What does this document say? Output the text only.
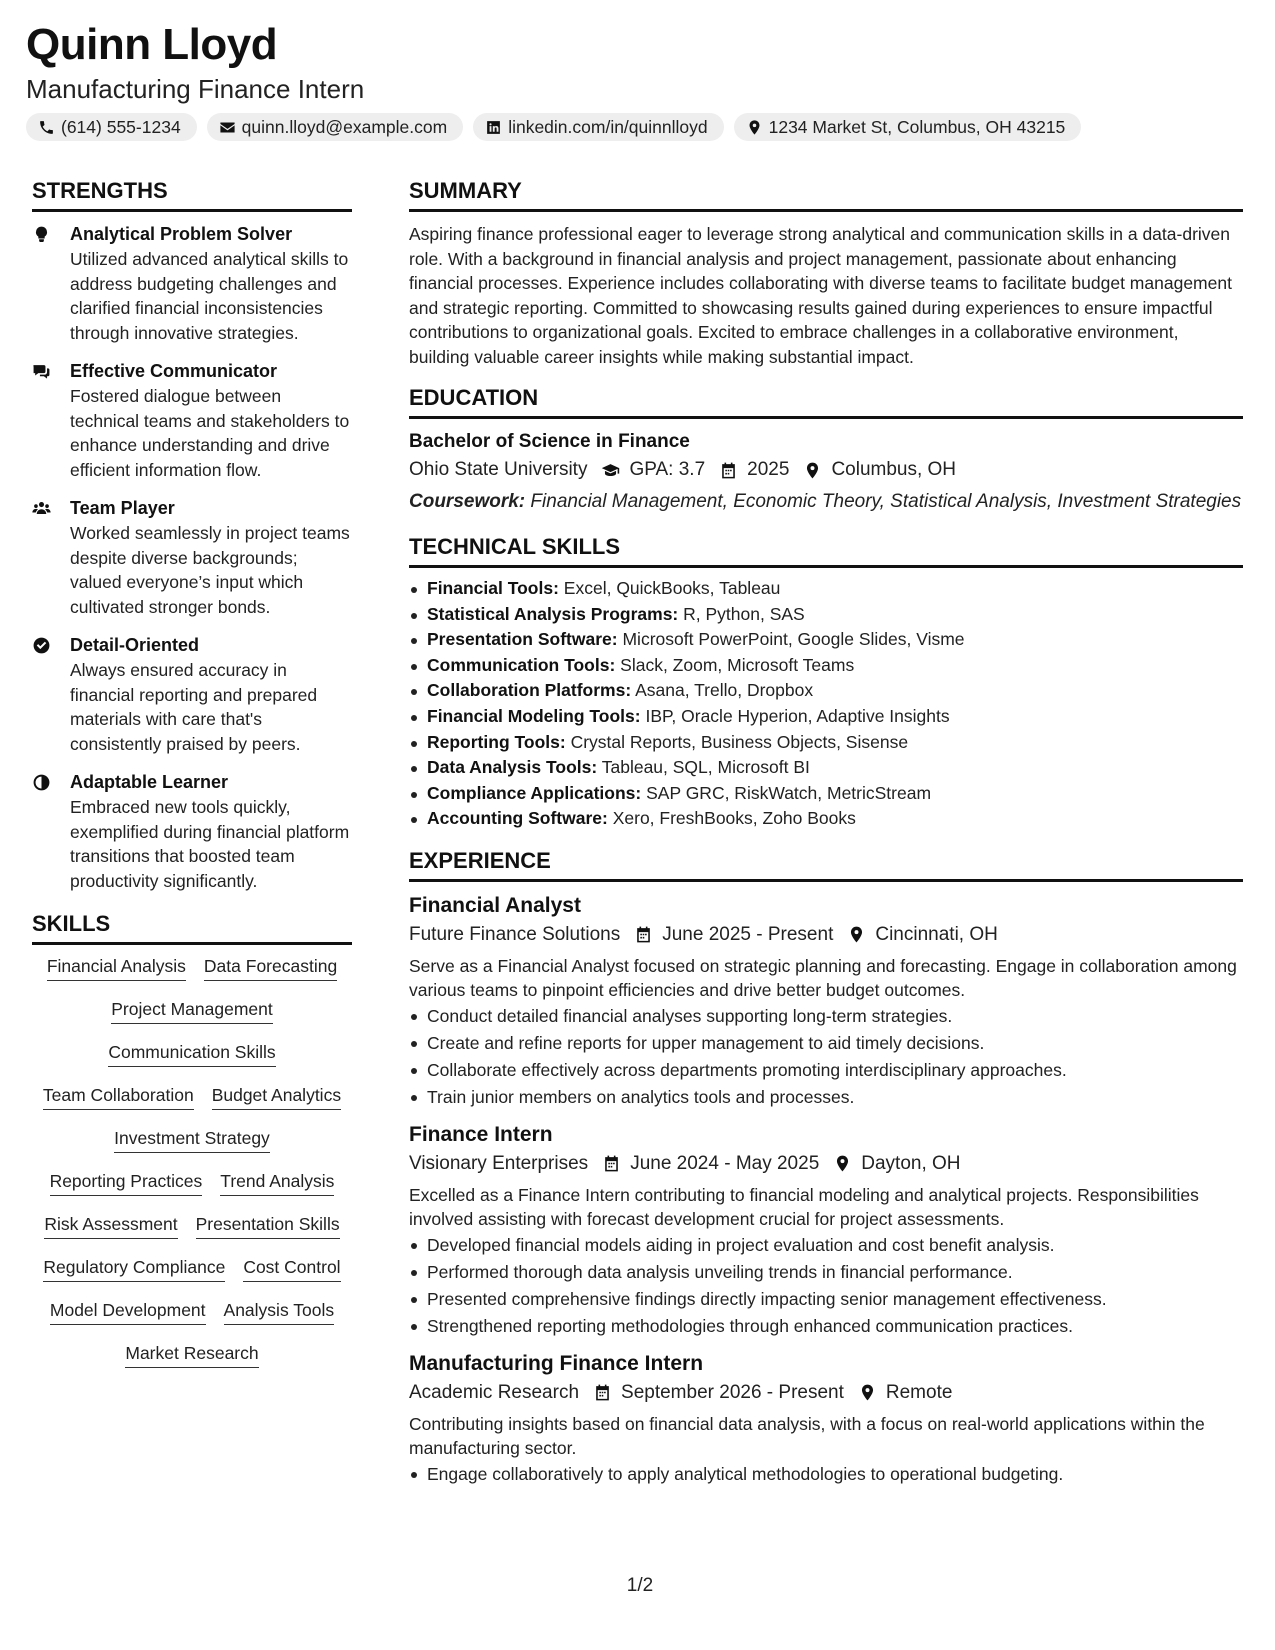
Quinn Lloyd
Manufacturing Finance Intern
(614) 555-1234	quinn.lloyd@example.com	linkedin.com/in/quinnlloyd	1234 Market St, Columbus, OH 43215
STRENGTHS
Analytical Problem Solver
Utilized advanced analytical skills to address budgeting challenges and clarified financial inconsistencies through innovative strategies.
Effective Communicator
Fostered dialogue between technical teams and stakeholders to enhance understanding and drive efficient information flow.
Team Player
Worked seamlessly in project teams despite diverse backgrounds; valued everyone’s input which cultivated stronger bonds.
Detail-Oriented
Always ensured accuracy in financial reporting and prepared materials with care that's consistently praised by peers.
Adaptable Learner
Embraced new tools quickly, exemplified during financial platform transitions that boosted team productivity significantly.
SKILLS
Financial Analysis Data Forecasting
Project Management
Communication Skills
Team Collaboration Budget Analytics
Investment Strategy
Reporting Practices Trend Analysis
Risk Assessment Presentation Skills
Regulatory Compliance Cost Control
Model Development Analysis Tools
Market Research
SUMMARY
Aspiring finance professional eager to leverage strong analytical and communication skills in a data-driven role. With a background in financial analysis and project management, passionate about enhancing financial processes. Experience includes collaborating with diverse teams to facilitate budget management and strategic reporting. Committed to showcasing results gained during experiences to ensure impactful contributions to organizational goals. Excited to embrace challenges in a collaborative environment, building valuable career insights while making substantial impact.
EDUCATION
Bachelor of Science in Finance
Ohio State University GPA: 3.7 2025 Columbus, OH
Coursework: Financial Management, Economic Theory, Statistical Analysis, Investment Strategies
TECHNICAL SKILLS
Financial Tools: Excel, QuickBooks, Tableau
Statistical Analysis Programs: R, Python, SAS
Presentation Software: Microsoft PowerPoint, Google Slides, Visme
Communication Tools: Slack, Zoom, Microsoft Teams
Collaboration Platforms: Asana, Trello, Dropbox
Financial Modeling Tools: IBP, Oracle Hyperion, Adaptive Insights
Reporting Tools: Crystal Reports, Business Objects, Sisense
Data Analysis Tools: Tableau, SQL, Microsoft BI
Compliance Applications: SAP GRC, RiskWatch, MetricStream
Accounting Software: Xero, FreshBooks, Zoho Books
EXPERIENCE
Financial Analyst
Future Finance Solutions June 2025 - Present Cincinnati, OH
Serve as a Financial Analyst focused on strategic planning and forecasting. Engage in collaboration among various teams to pinpoint efficiencies and drive better budget outcomes.
Conduct detailed financial analyses supporting long-term strategies.
Create and refine reports for upper management to aid timely decisions.
Collaborate effectively across departments promoting interdisciplinary approaches.
Train junior members on analytics tools and processes.
Finance Intern
Visionary Enterprises June 2024 - May 2025 Dayton, OH
Excelled as a Finance Intern contributing to financial modeling and analytical projects. Responsibilities involved assisting with forecast development crucial for project assessments.
Developed financial models aiding in project evaluation and cost benefit analysis.
Performed thorough data analysis unveiling trends in financial performance.
Presented comprehensive findings directly impacting senior management effectiveness.
Strengthened reporting methodologies through enhanced communication practices.
Manufacturing Finance Intern
Academic Research September 2026 - Present Remote
Contributing insights based on financial data analysis, with a focus on real-world applications within the manufacturing sector.
Engage collaboratively to apply analytical methodologies to operational budgeting.
1/2
